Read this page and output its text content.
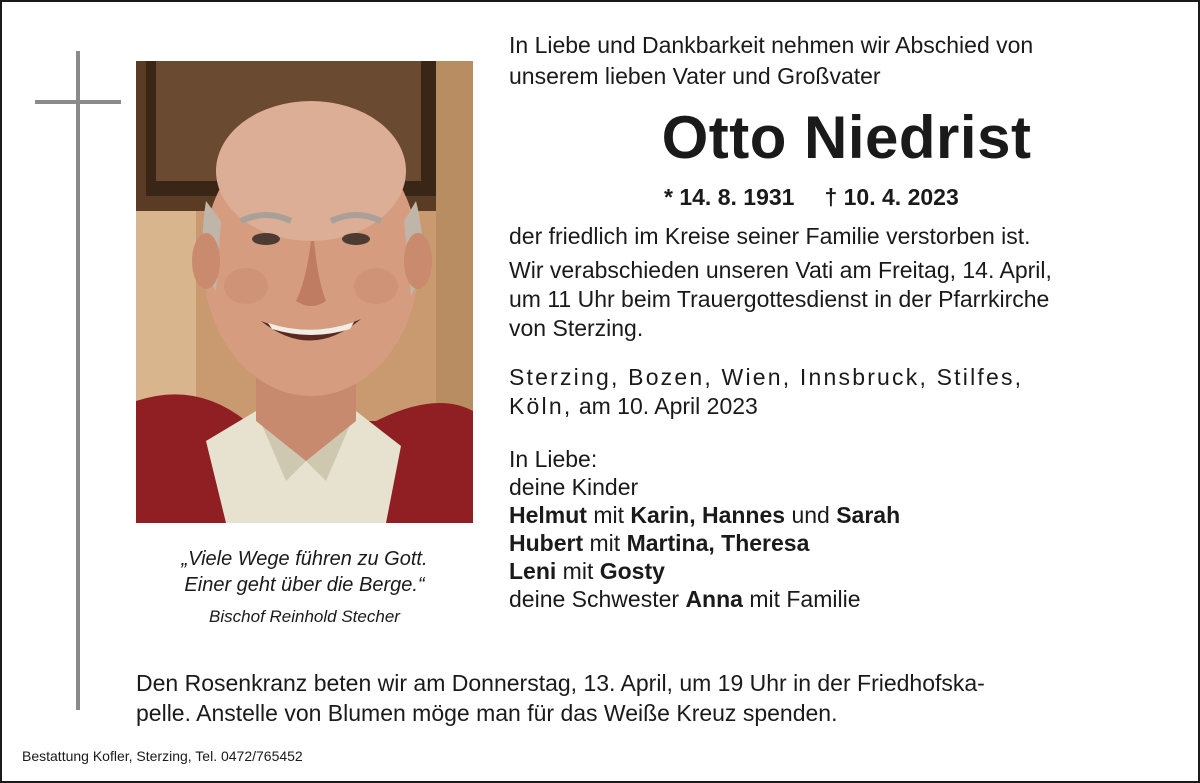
„Viele Wege führen zu Gott.
Einer geht über die Berge.“
Bischof Reinhold Stecher
In Liebe und Dankbarkeit nehmen wir Abschied von
unserem lieben Vater und Großvater
Otto Niedrist
* 14. 8. 1931 † 10. 4. 2023
der friedlich im Kreise seiner Familie verstorben ist.
Wir verabschieden unseren Vati am Freitag, 14. April,
um 11 Uhr beim Trauergottesdienst in der Pfarrkirche
von Sterzing.
Sterzing, Bozen, Wien, Innsbruck, Stilfes,
Köln, am 10. April 2023
In Liebe:
deine Kinder
Helmut mit Karin, Hannes und Sarah
Hubert mit Martina, Theresa
Leni mit Gosty
deine Schwester Anna mit Familie
Den Rosenkranz beten wir am Donnerstag, 13. April, um 19 Uhr in der Friedhofska-
pelle. Anstelle von Blumen möge man für das Weiße Kreuz spenden.
Bestattung Kofler, Sterzing, Tel. 0472/765452
